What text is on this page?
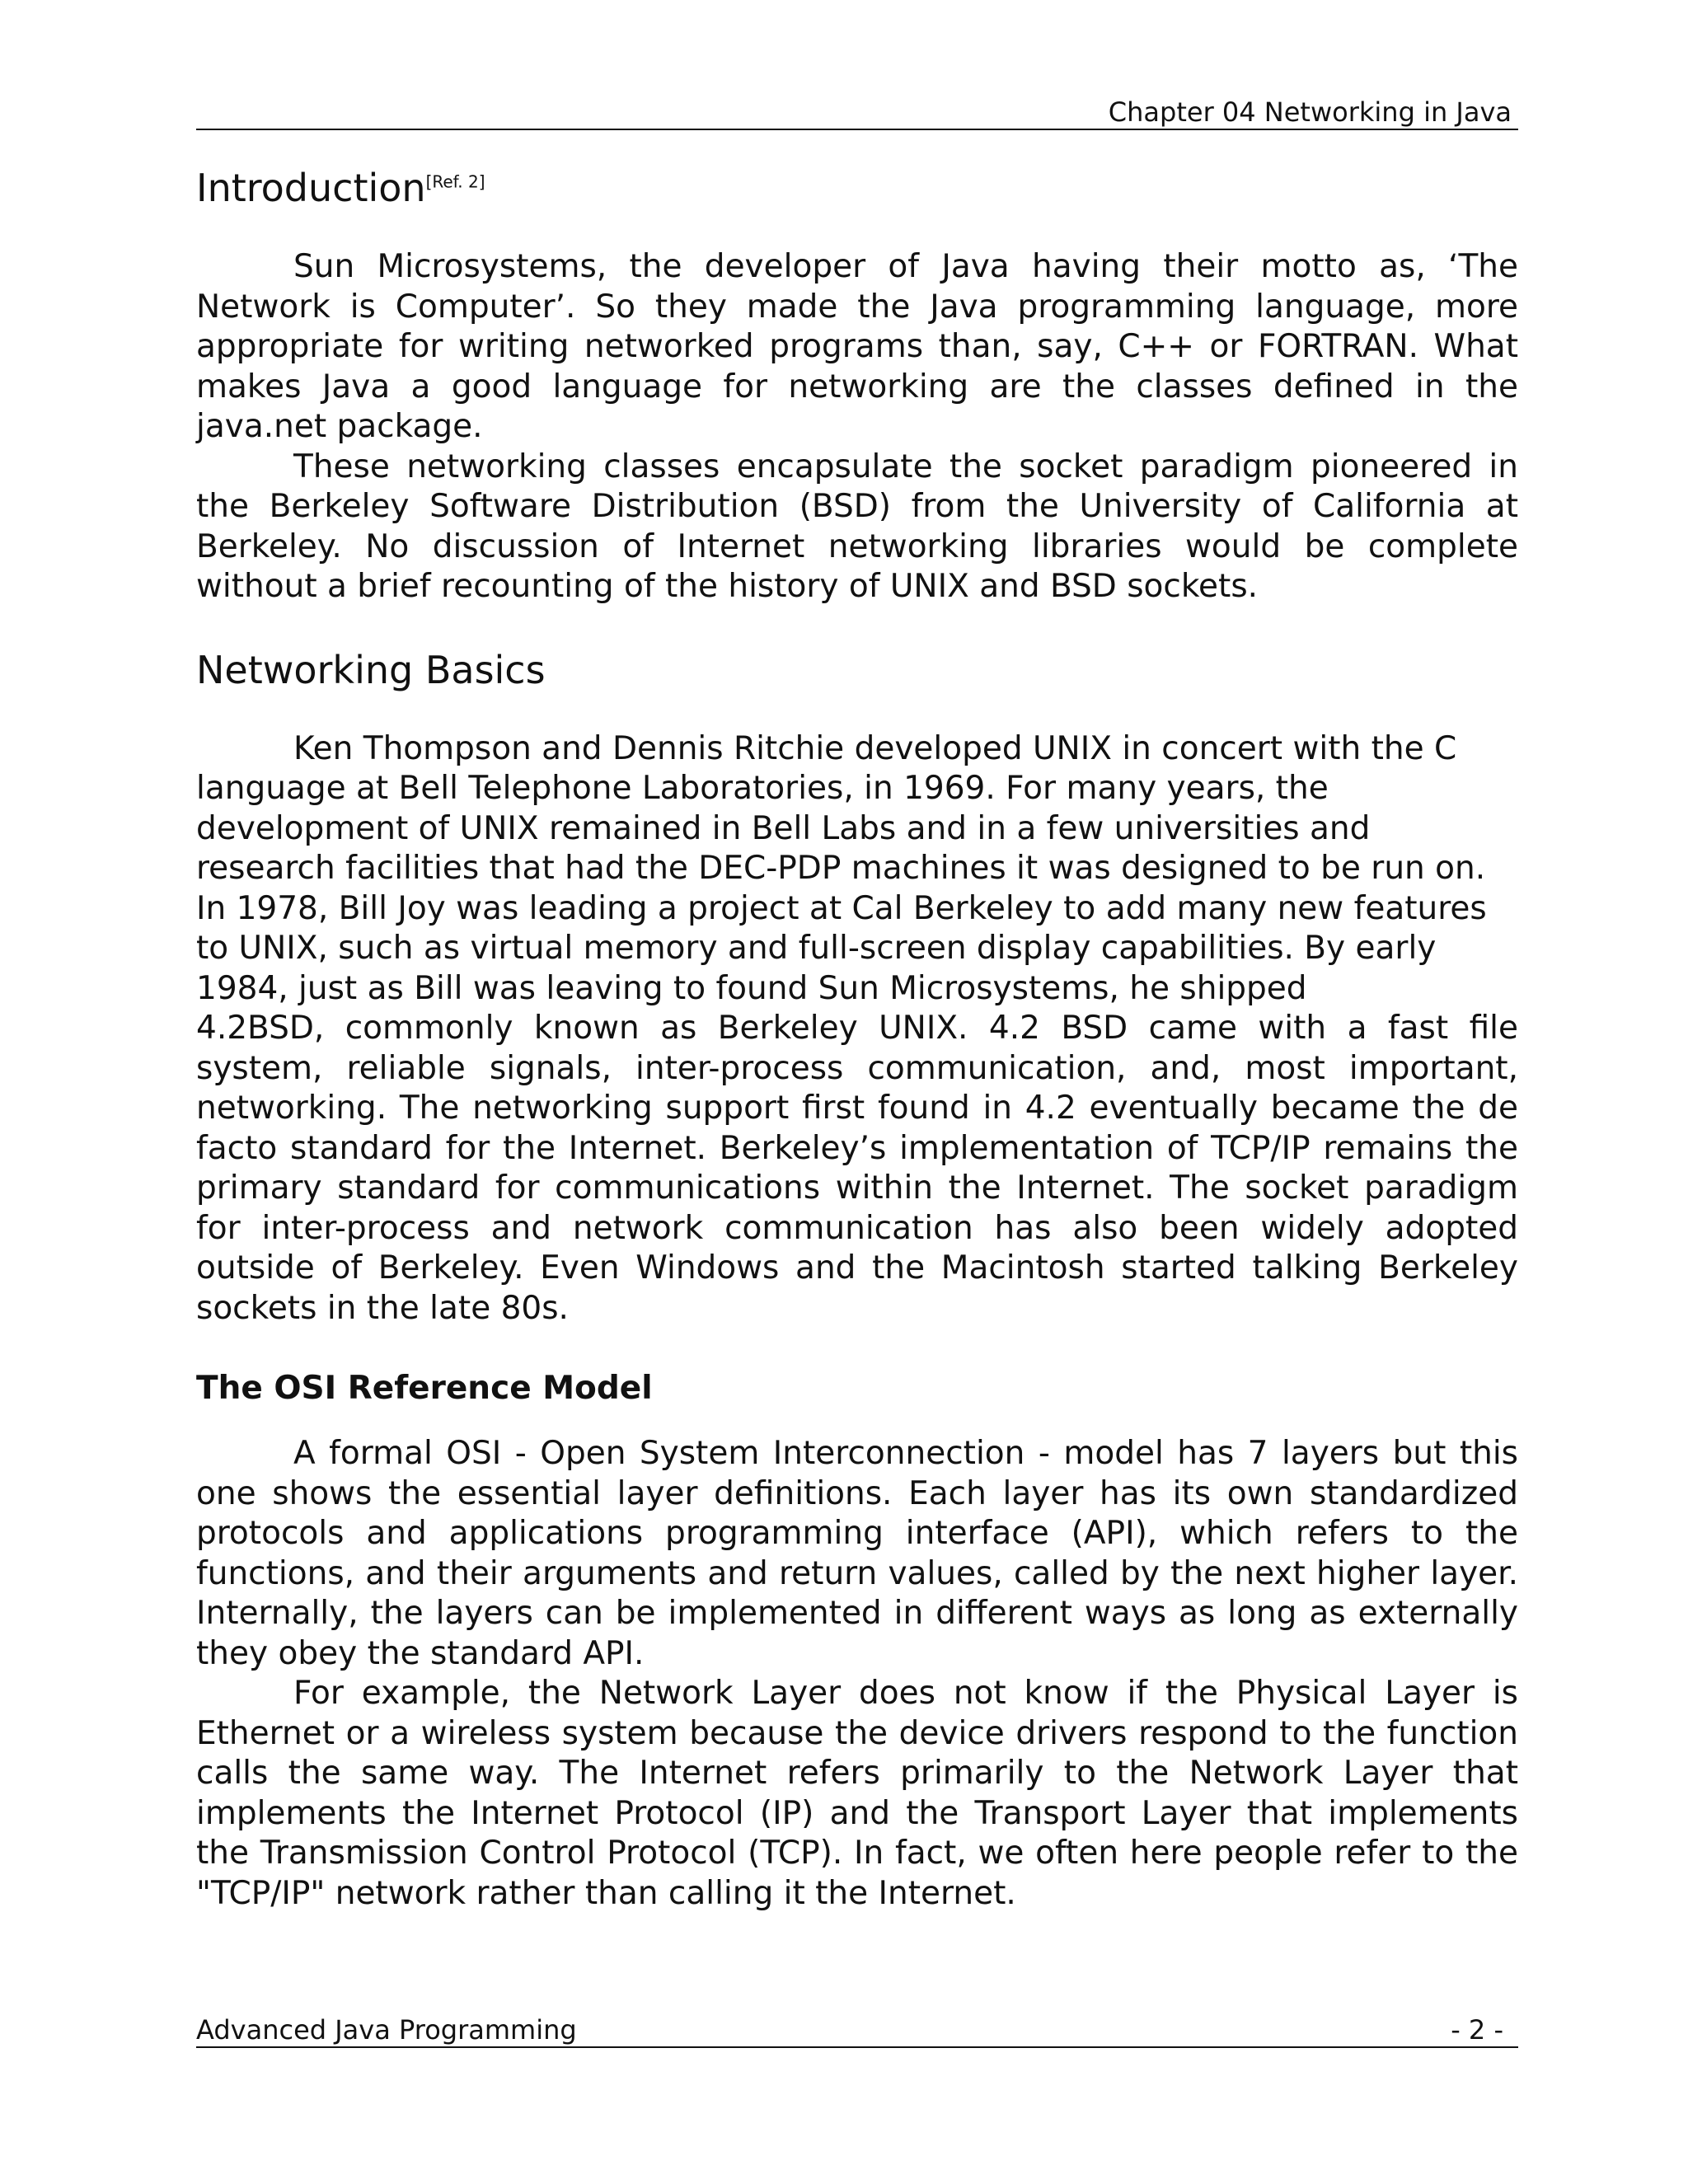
Chapter 04 Networking in Java
Introduction[Ref. 2]

Sun Microsystems, the developer of Java having their motto as, ‘The Network is Computer’. So they made the Java programming language, more appropriate for writing networked programs than, say, C++ or FORTRAN. What makes Java a good language for networking are the classes defined in the java.net package.

These networking classes encapsulate the socket paradigm pioneered in the Berkeley Software Distribution (BSD) from the University of California at Berkeley. No discussion of Internet networking libraries would be complete without a brief recounting of the history of UNIX and BSD sockets.

Networking Basics

Ken Thompson and Dennis Ritchie developed UNIX in concert with the C language at Bell Telephone Laboratories, in 1969. For many years, the development of UNIX remained in Bell Labs and in a few universities and research facilities that had the DEC-PDP machines it was designed to be run on. In 1978, Bill Joy was leading a project at Cal Berkeley to add many new features to UNIX, such as virtual memory and full-screen display capabilities. By early 1984, just as Bill was leaving to found Sun Microsystems, he shipped

4.2BSD, commonly known as Berkeley UNIX. 4.2 BSD came with a fast file system, reliable signals, inter-process communication, and, most important, networking. The networking support first found in 4.2 eventually became the de facto standard for the Internet. Berkeley’s implementation of TCP/IP remains the primary standard for communications within the Internet. The socket paradigm for inter-process and network communication has also been widely adopted outside of Berkeley. Even Windows and the Macintosh started talking Berkeley sockets in the late 80s.

The OSI Reference Model

A formal OSI - Open System Interconnection - model has 7 layers but this one shows the essential layer definitions. Each layer has its own standardized protocols and applications programming interface (API), which refers to the functions, and their arguments and return values, called by the next higher layer. Internally, the layers can be implemented in different ways as long as externally they obey the standard API.

For example, the Network Layer does not know if the Physical Layer is Ethernet or a wireless system because the device drivers respond to the function calls the same way. The Internet refers primarily to the Network Layer that implements the Internet Protocol (IP) and the Transport Layer that implements the Transmission Control Protocol (TCP). In fact, we often here people refer to the "TCP/IP" network rather than calling it the Internet.

Advanced Java Programming	- 2 -
